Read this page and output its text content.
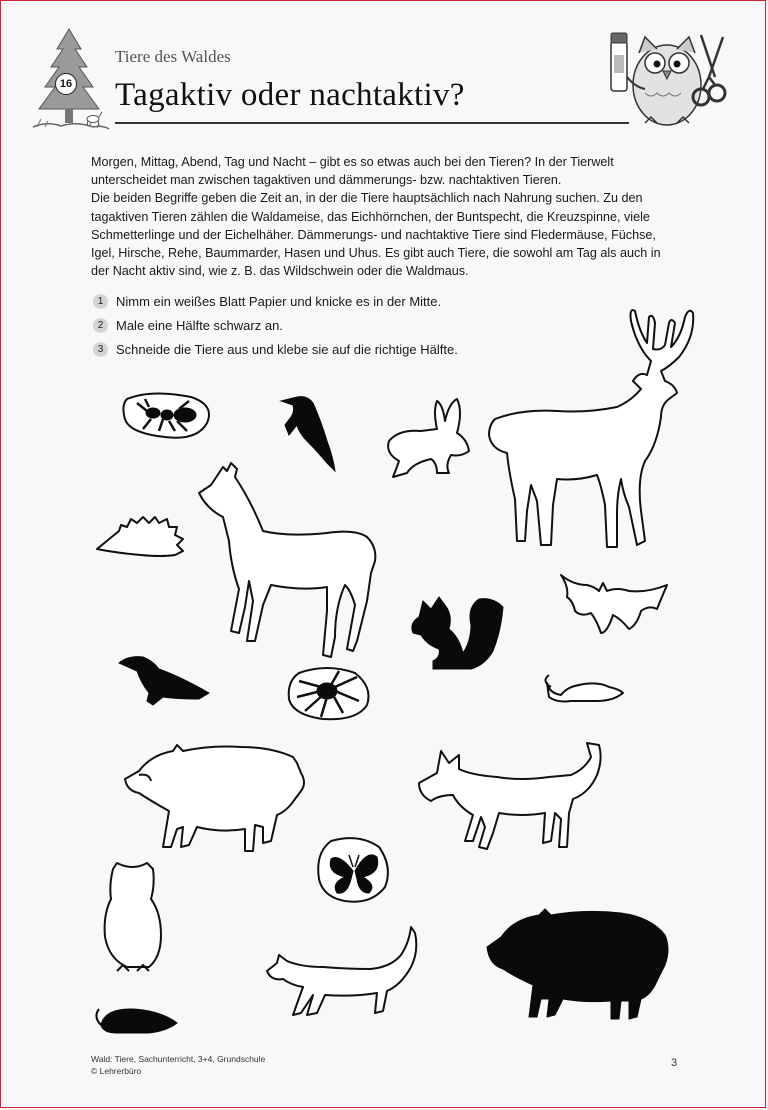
16
Tiere des Waldes
Tagaktiv oder nachtaktiv?

Morgen, Mittag, Abend, Tag und Nacht – gibt es so etwas auch bei den Tieren? In der Tierwelt unterscheidet man zwischen tagaktiven und dämmerungs- bzw. nachtaktiven Tieren.
Die beiden Begriffe geben die Zeit an, in der die Tiere hauptsächlich nach Nahrung suchen. Zu den tagaktiven Tieren zählen die Waldameise, das Eichhörnchen, der Buntspecht, die Kreuzspinne, viele Schmetterlinge und der Eichelhäher. Dämmerungs- und nachtaktive Tiere sind Fledermäuse, Füchse, Igel, Hirsche, Rehe, Baummarder, Hasen und Uhus. Es gibt auch Tiere, die sowohl am Tag als auch in der Nacht aktiv sind, wie z. B. das Wildschwein oder die Waldmaus.

1 Nimm ein weißes Blatt Papier und knicke es in der Mitte.
2 Male eine Hälfte schwarz an.
3 Schneide die Tiere aus und klebe sie auf die richtige Hälfte.
Wald: Tiere, Sachunterricht, 3+4, Grundschule
© Lehrerbüro
3
